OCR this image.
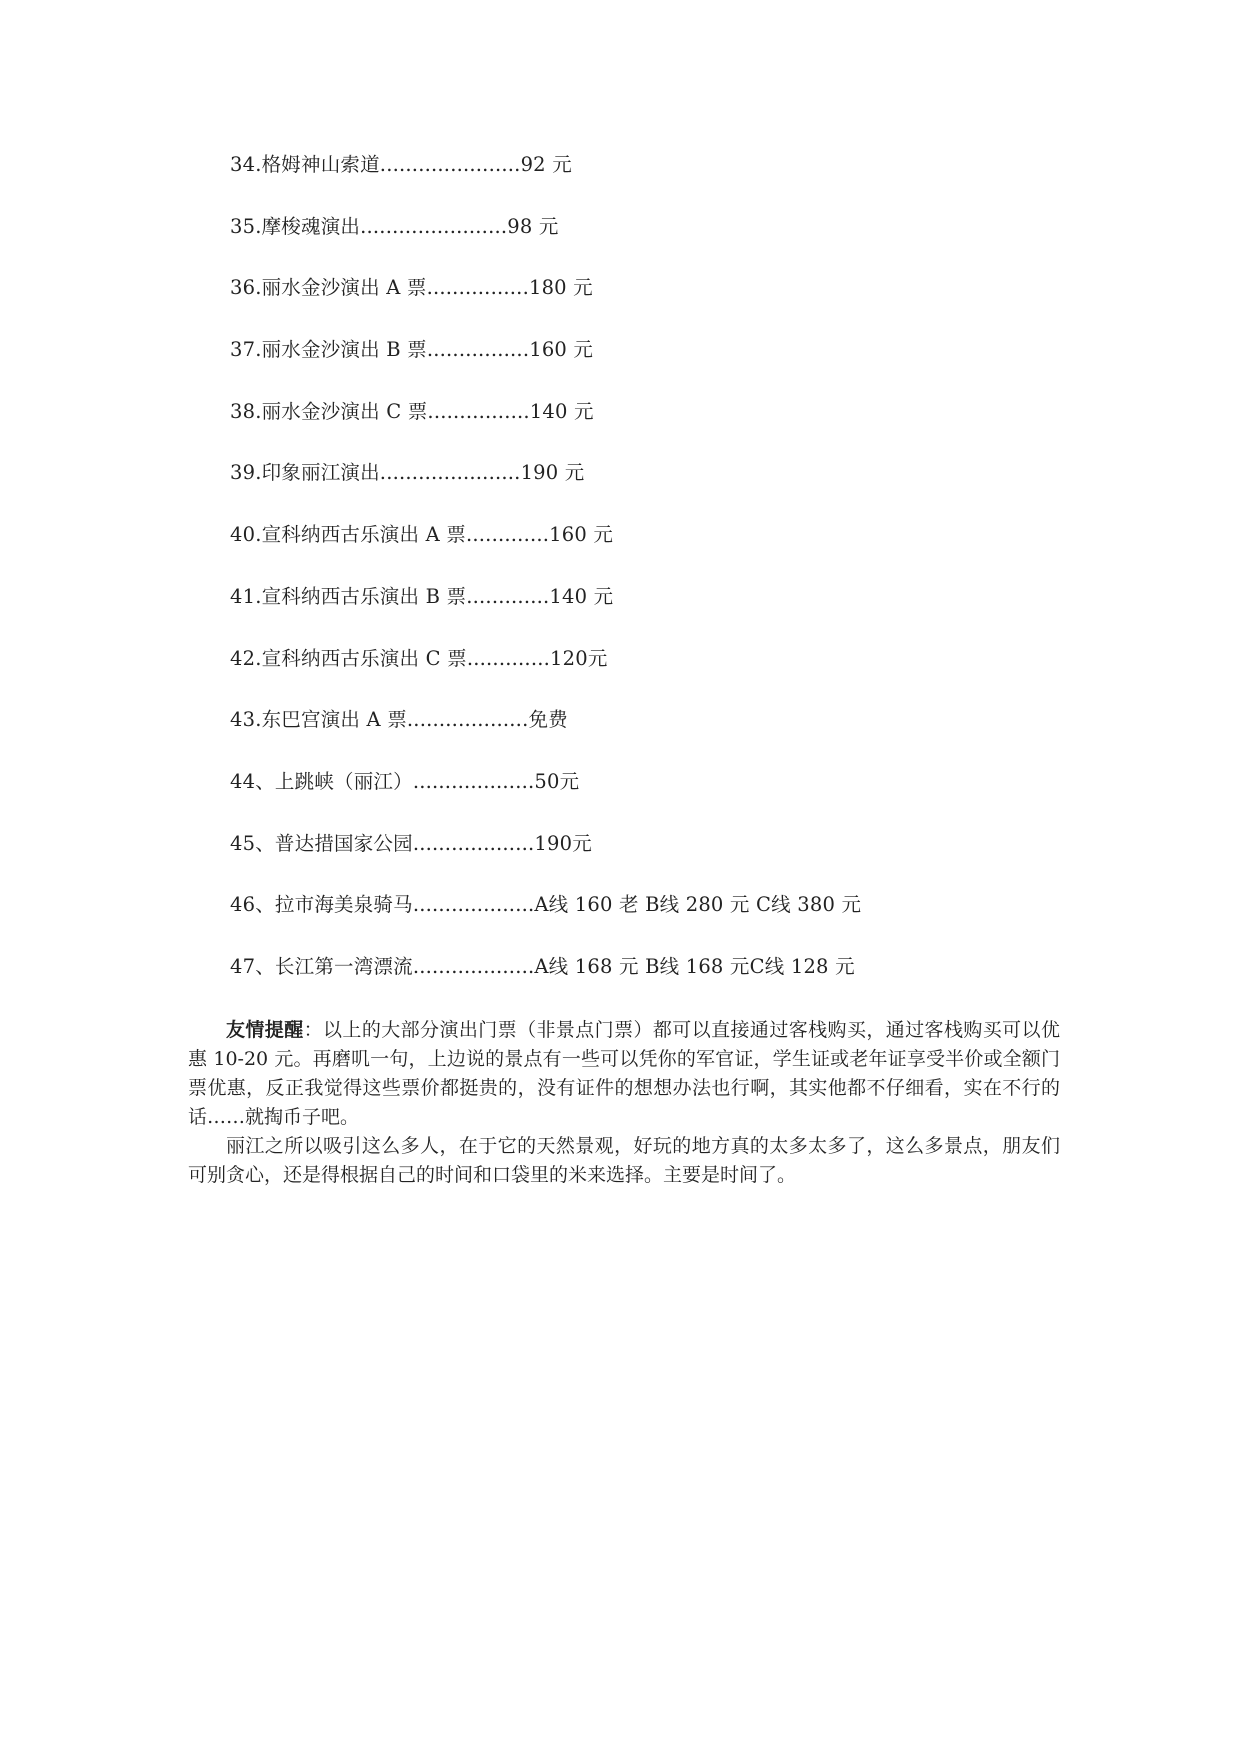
34.格姆神山索道......................92 元
35.摩梭魂演出.......................98 元
36.丽水金沙演出 A 票................180 元
37.丽水金沙演出 B 票................160 元
38.丽水金沙演出 C 票................140 元
39.印象丽江演出......................190 元
40.宣科纳西古乐演出 A 票.............160 元
41.宣科纳西古乐演出 B 票.............140 元
42.宣科纳西古乐演出 C 票.............120元
43.东巴宫演出 A 票...................免费
44、上跳峡（丽江）...................50元
45、普达措国家公园...................190元
46、拉市海美泉骑马...................A线 160 老 B线 280 元 C线 380 元
47、长江第一湾漂流...................A线 168 元 B线 168 元C线 128 元

友情提醒：以上的大部分演出门票（非景点门票）都可以直接通过客栈购买，通过客栈购买可以优惠 10-20 元。再磨叽一句，上边说的景点有一些可以凭你的军官证，学生证或老年证享受半价或全额门票优惠，反正我觉得这些票价都挺贵的，没有证件的想想办法也行啊，其实他都不仔细看，实在不行的话……就掏币子吧。

丽江之所以吸引这么多人，在于它的天然景观，好玩的地方真的太多太多了，这么多景点，朋友们可别贪心，还是得根据自己的时间和口袋里的米来选择。主要是时间了。
